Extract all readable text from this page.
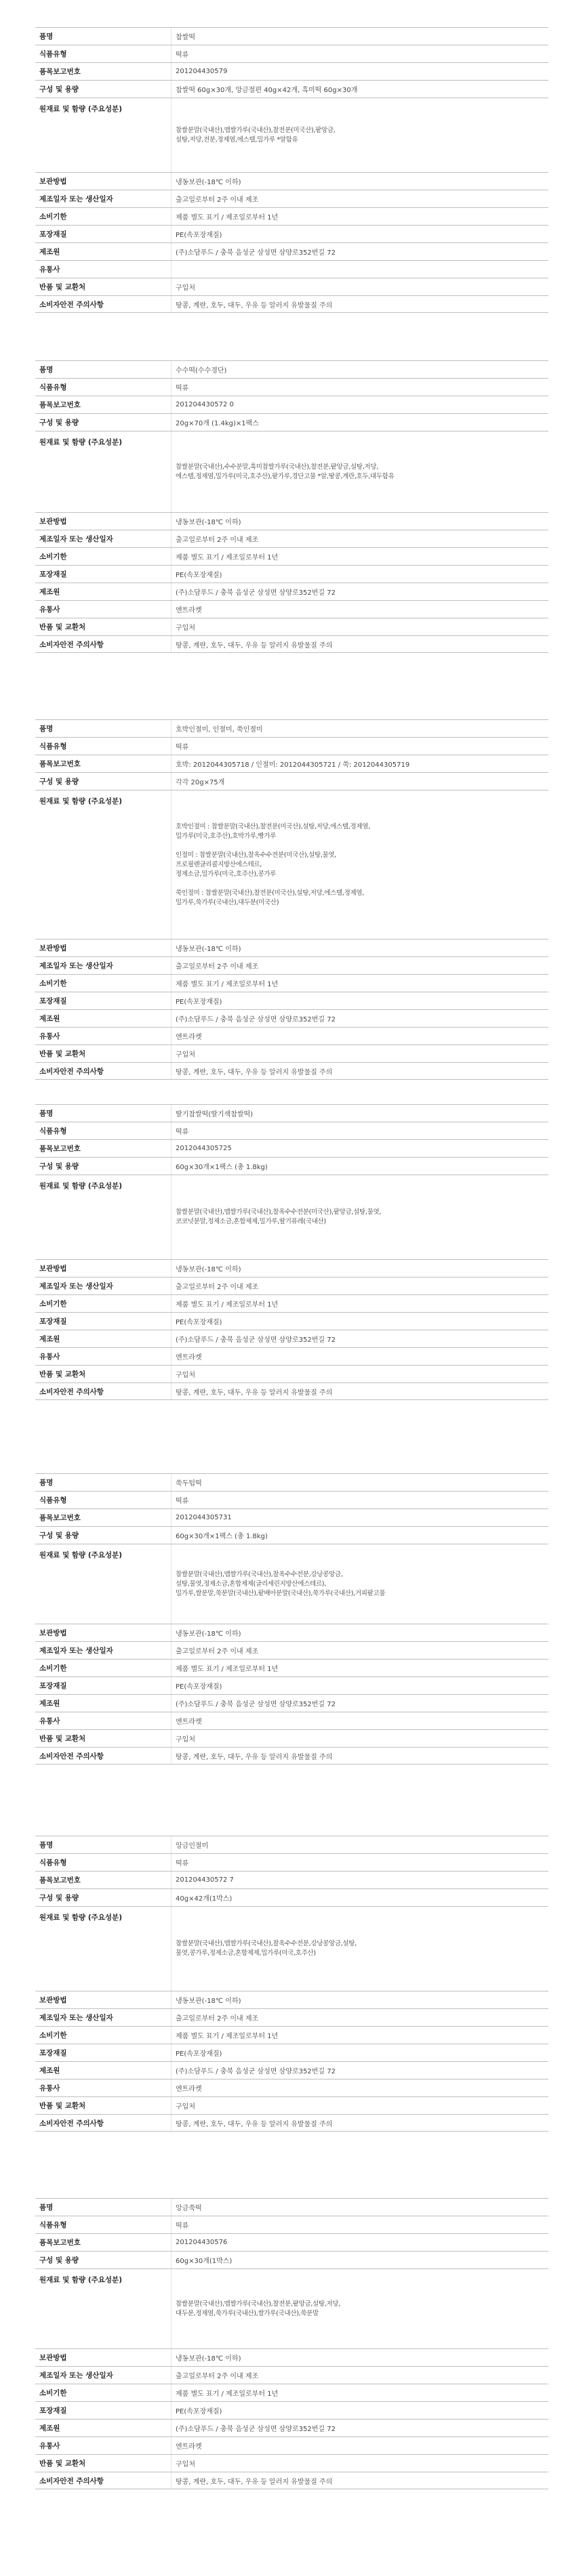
품명	찹쌀떡
식품유형	떡류
품목보고번호	201204430579
구성 및 용량	찹쌀떡 60g×30개, 앙금절편 40g×42개, 흑미떡 60g×30개
원재료 및 함량 (주요성분)
찹쌀분말(국내산),맵쌀가루(국내산),찰전분(미국산),팥앙금,
설탕,저당,전분,정제염,에스텔,밀가루 *알함유
보관방법	냉동보관(-18℃ 이하)
제조일자 또는 생산일자	출고일로부터 2주 이내 제조
소비기한	제품 별도 표기 / 제조일로부터 1년
포장재질	PE(속포장재질)
제조원	(주)소담푸드 / 충북 음성군 삼성면 삼양로352번길 72
유통사
반품 및 교환처	구입처
소비자안전 주의사항	땅콩, 계란, 호두, 대두, 우유 등 알러지 유발물질 주의
품명	수수떡(수수경단)
식품유형	떡류
품목보고번호	201204430572 0
구성 및 용량	20g×70개 (1.4kg)×1팩스
원재료 및 함량 (주요성분)
찹쌀분말(국내산),수수분말,흑미찹쌀가루(국내산),찰전분,팥앙금,설탕,저당,
에스텔,정제염,밀가루(미국,호주산),팥가루,경단고물 *알,땅콩,계란,호두,대두함유
보관방법	냉동보관(-18℃ 이하)
제조일자 또는 생산일자	출고일로부터 2주 이내 제조
소비기한	제품 별도 표기 / 제조일로부터 1년
포장재질	PE(속포장재질)
제조원	(주)소담푸드 / 충북 음성군 삼성면 삼양로352번길 72
유통사	엔트라켓
반품 및 교환처	구입처
소비자안전 주의사항	땅콩, 계란, 호두, 대두, 우유 등 알러지 유발물질 주의
품명	호박인절미, 인절미, 쑥인절미
식품유형	떡류
품목보고번호	호박: 2012044305718 / 인절미: 2012044305721 / 쑥: 2012044305719
구성 및 용량	각각 20g×75개
원재료 및 함량 (주요성분)
호박인절미 : 찹쌀분말(국내산),찰전분(미국산),설탕,저당,에스텔,정제염,
밀가루(미국,호주산),호박가루,빵가루

인절미 : 찹쌀분말(국내산),찰옥수수전분(미국산),설탕,물엿,
프로필렌글리콜지방산에스테르,
정제소금,밀가루(미국,호주산),콩가루

쑥인절미 : 찹쌀분말(국내산),찰전분(미국산),설탕,저당,에스텔,정제염,
밀가루,쑥가루(국내산),대두분(미국산)
보관방법	냉동보관(-18℃ 이하)
제조일자 또는 생산일자	출고일로부터 2주 이내 제조
소비기한	제품 별도 표기 / 제조일로부터 1년
포장재질	PE(속포장재질)
제조원	(주)소담푸드 / 충북 음성군 삼성면 삼양로352번길 72
유통사	엔트라켓
반품 및 교환처	구입처
소비자안전 주의사항	땅콩, 계란, 호두, 대두, 우유 등 알러지 유발물질 주의
품명	딸기찹쌀떡(딸기색찹쌀떡)
식품유형	떡류
품목보고번호	2012044305725
구성 및 용량	60g×30개×1팩스 (총 1.8kg)
원재료 및 함량 (주요성분)
찹쌀분말(국내산),맵쌀가루(국내산),찰옥수수전분(미국산),팥앙금,설탕,물엿,
코코넛분말,정제소금,혼합제제,밀가루,딸기퓨레(국내산)
보관방법	냉동보관(-18℃ 이하)
제조일자 또는 생산일자	출고일로부터 2주 이내 제조
소비기한	제품 별도 표기 / 제조일로부터 1년
포장재질	PE(속포장재질)
제조원	(주)소담푸드 / 충북 음성군 삼성면 삼양로352번길 72
유통사	엔트라켓
반품 및 교환처	구입처
소비자안전 주의사항	땅콩, 계란, 호두, 대두, 우유 등 알러지 유발물질 주의
품명	쑥두텁떡
식품유형	떡류
품목보고번호	2012044305731
구성 및 용량	60g×30개×1팩스 (총 1.8kg)
원재료 및 함량 (주요성분)
찹쌀분말(국내산),맵쌀가루(국내산),찰옥수수전분,강낭콩앙금,
설탕,물엿,정제소금,혼합제제(글리세린지방산에스테르),
밀가루,쌀분말,쑥분말(국내산),팥배아분말(국내산),쑥가루(국내산),거피팥고물
보관방법	냉동보관(-18℃ 이하)
제조일자 또는 생산일자	출고일로부터 2주 이내 제조
소비기한	제품 별도 표기 / 제조일로부터 1년
포장재질	PE(속포장재질)
제조원	(주)소담푸드 / 충북 음성군 삼성면 삼양로352번길 72
유통사	엔트라켓
반품 및 교환처	구입처
소비자안전 주의사항	땅콩, 계란, 호두, 대두, 우유 등 알러지 유발물질 주의
품명	앙금인절미
식품유형	떡류
품목보고번호	201204430572 7
구성 및 용량	40g×42개(1박스)
원재료 및 함량 (주요성분)
찹쌀분말(국내산),맵쌀가루(국내산),찰옥수수전분,강낭콩앙금,설탕,
물엿,콩가루,정제소금,혼합제제,밀가루(미국,호주산)
보관방법	냉동보관(-18℃ 이하)
제조일자 또는 생산일자	출고일로부터 2주 이내 제조
소비기한	제품 별도 표기 / 제조일로부터 1년
포장재질	PE(속포장재질)
제조원	(주)소담푸드 / 충북 음성군 삼성면 삼양로352번길 72
유통사	엔트라켓
반품 및 교환처	구입처
소비자안전 주의사항	땅콩, 계란, 호두, 대두, 우유 등 알러지 유발물질 주의
품명	앙금쑥떡
식품유형	떡류
품목보고번호	201204430576
구성 및 용량	60g×30개(1박스)
원재료 및 함량 (주요성분)
찹쌀분말(국내산),맵쌀가루(국내산),찰전분,팥앙금,설탕,저당,
대두분,정제염,쑥가루(국내산),쌀가루(국내산),쑥분말
보관방법	냉동보관(-18℃ 이하)
제조일자 또는 생산일자	출고일로부터 2주 이내 제조
소비기한	제품 별도 표기 / 제조일로부터 1년
포장재질	PE(속포장재질)
제조원	(주)소담푸드 / 충북 음성군 삼성면 삼양로352번길 72
유통사	엔트라켓
반품 및 교환처	구입처
소비자안전 주의사항	땅콩, 계란, 호두, 대두, 우유 등 알러지 유발물질 주의
